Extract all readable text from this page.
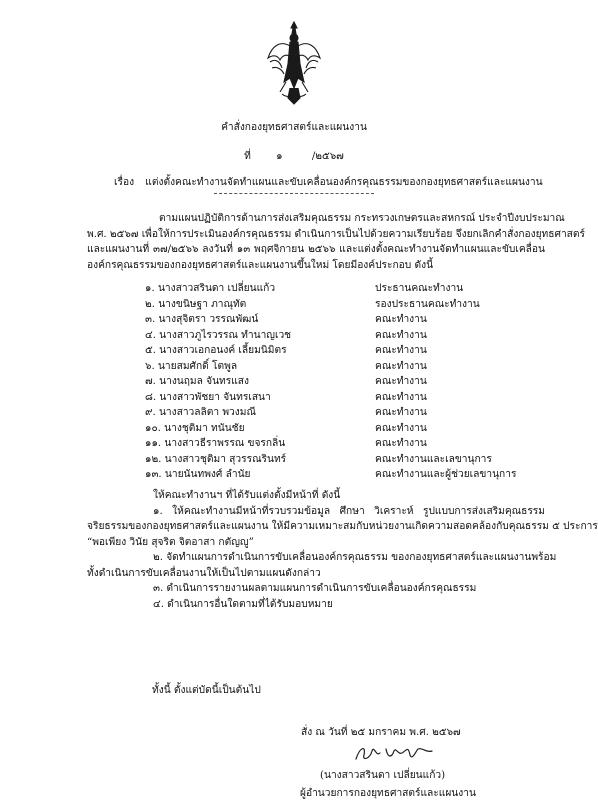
คำสั่งกองยุทธศาสตร์และแผนงาน
ที่ ๑	/๒๕๖๗
เรื่อง แต่งตั้งคณะทำงานจัดทำแผนและขับเคลื่อนองค์กรคุณธรรมของกองยุทธศาสตร์และแผนงาน
ตามแผนปฏิบัติการด้านการส่งเสริมคุณธรรม กระทรวงเกษตรและสหกรณ์ ประจำปีงบประมาณ
พ.ศ. ๒๕๖๗ เพื่อให้การประเมินองค์กรคุณธรรม ดำเนินการเป็นไปด้วยความเรียบร้อย จึงยกเลิกคำสั่งกองยุทธศาสตร์
และแผนงานที่ ๓๗/๒๕๖๖ ลงวันที่ ๑๓ พฤศจิกายน ๒๕๖๖ และแต่งตั้งคณะทำงานจัดทำแผนและขับเคลื่อน
องค์กรคุณธรรมของกองยุทธศาสตร์และแผนงานขึ้นใหม่ โดยมีองค์ประกอบ ดังนี้
๑. นางสาวสรินดา เปลี่ยนแก้ว	ประธานคณะทำงาน
๒. นางขนิษฐา ภาณุทัต	รองประธานคณะทำงาน
๓. นางสุจิตรา วรรณพัฒน์	คณะทำงาน
๔. นางสาวภูไรวรรณ ทำนาญเวช	คณะทำงาน
๕. นางสาวเอกอนงค์ เลี้ยมนิมิตร	คณะทำงาน
๖. นายสมศักดิ์ โตพูล	คณะทำงาน
๗. นางนฤมล จันทรแสง	คณะทำงาน
๘. นางสาวพัชยา จันทรเสนา	คณะทำงาน
๙. นางสาวลลิตา พวงมณี	คณะทำงาน
๑๐. นางชุติมา ทนันชัย	คณะทำงาน
๑๑. นางสาวธีราพรรณ ขจรกลิ่น	คณะทำงาน
๑๒. นางสาวชุติมา สุวรรณรินทร์	คณะทำงานและเลขานุการ
๑๓. นายนันทพงศ์ ลำนัย	คณะทำงานและผู้ช่วยเลขานุการ
ให้คณะทำงานฯ ที่ได้รับแต่งตั้งมีหน้าที่ ดังนี้
๑. ให้คณะทำงานมีหน้าที่รวบรวมข้อมูล ศึกษา วิเคราะห์ รูปแบบการส่งเสริมคุณธรรม
จริยธรรมของกองยุทธศาสตร์และแผนงาน ให้มีความเหมาะสมกับหน่วยงานเกิดความสอดคล้องกับคุณธรรม ๕ ประการ
“พอเพียง วินัย สุจริต จิตอาสา กตัญญู”
๒. จัดทำแผนการดำเนินการขับเคลื่อนองค์กรคุณธรรม ของกองยุทธศาสตร์และแผนงานพร้อม
ทั้งดำเนินการขับเคลื่อนงานให้เป็นไปตามแผนดังกล่าว
๓. ดำเนินการรายงานผลตามแผนการดำเนินการขับเคลื่อนองค์กรคุณธรรม
๔. ดำเนินการอื่นใดตามที่ได้รับมอบหมาย
ทั้งนี้ ตั้งแต่บัดนี้เป็นต้นไป
สั่ง ณ วันที่ ๒๕ มกราคม พ.ศ. ๒๕๖๗
(นางสาวสรินดา เปลี่ยนแก้ว)
ผู้อำนวยการกองยุทธศาสตร์และแผนงาน
